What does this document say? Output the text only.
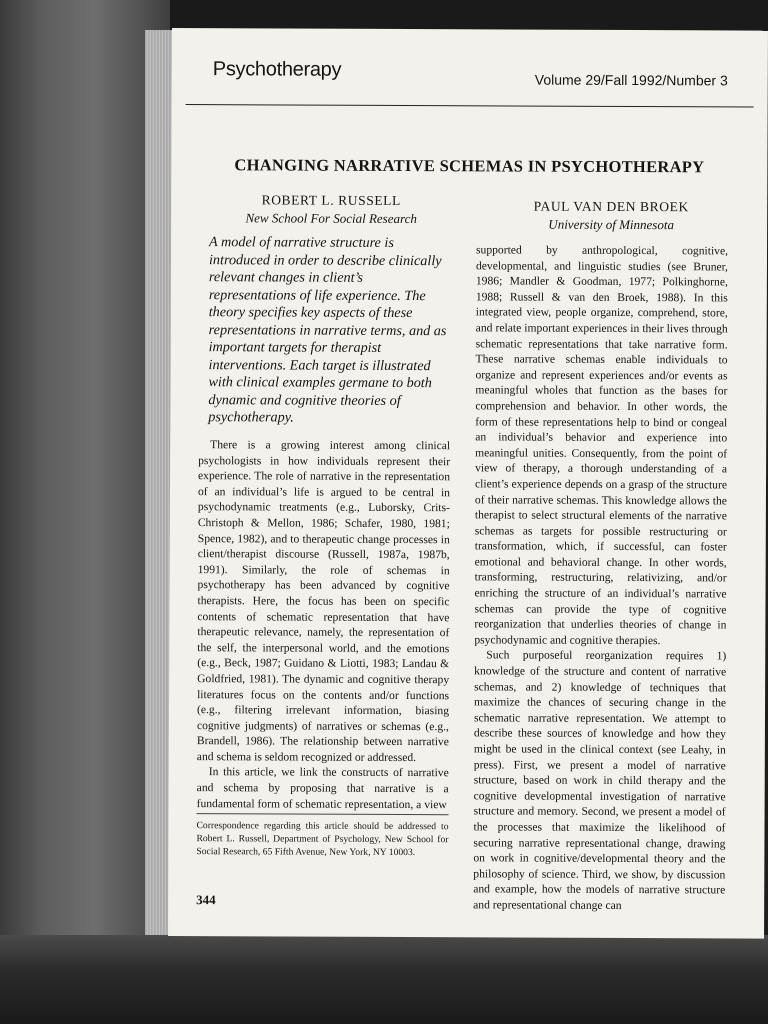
Psychotherapy	Volume 29/Fall 1992/Number 3
CHANGING NARRATIVE SCHEMAS IN PSYCHOTHERAPY
ROBERT L. RUSSELL
New School For Social Research
PAUL VAN DEN BROEK
University of Minnesota
A model of narrative structure is introduced in order to describe clinically relevant changes in client’s representations of life experience. The theory specifies key aspects of these representations in narrative terms, and as important targets for therapist interventions. Each target is illustrated with clinical examples germane to both dynamic and cognitive theories of psychotherapy.

There is a growing interest among clinical psychologists in how individuals represent their experience. The role of narrative in the representation of an individual’s life is argued to be central in psychodynamic treatments (e.g., Luborsky, Crits-Christoph & Mellon, 1986; Schafer, 1980, 1981; Spence, 1982), and to therapeutic change processes in client/therapist discourse (Russell, 1987a, 1987b, 1991). Similarly, the role of schemas in psychotherapy has been advanced by cognitive therapists. Here, the focus has been on specific contents of schematic representation that have therapeutic relevance, namely, the representation of the self, the interpersonal world, and the emotions (e.g., Beck, 1987; Guidano & Liotti, 1983; Landau & Goldfried, 1981). The dynamic and cognitive therapy literatures focus on the contents and/or functions (e.g., filtering irrelevant information, biasing cognitive judgments) of narratives or schemas (e.g., Brandell, 1986). The relationship between narrative and schema is seldom recognized or addressed.

In this article, we link the constructs of narrative and schema by proposing that narrative is a fundamental form of schematic representation, a view

supported by anthropological, cognitive, developmental, and linguistic studies (see Bruner, 1986; Mandler & Goodman, 1977; Polkinghorne, 1988; Russell & van den Broek, 1988). In this integrated view, people organize, comprehend, store, and relate important experiences in their lives through schematic representations that take narrative form. These narrative schemas enable individuals to organize and represent experiences and/or events as meaningful wholes that function as the bases for comprehension and behavior. In other words, the form of these representations help to bind or congeal an individual’s behavior and experience into meaningful unities. Consequently, from the point of view of therapy, a thorough understanding of a client’s experience depends on a grasp of the structure of their narrative schemas. This knowledge allows the therapist to select structural elements of the narrative schemas as targets for possible restructuring or transformation, which, if successful, can foster emotional and behavioral change. In other words, transforming, restructuring, relativizing, and/or enriching the structure of an individual’s narrative schemas can provide the type of cognitive reorganization that underlies theories of change in psychodynamic and cognitive therapies.

Such purposeful reorganization requires 1) knowledge of the structure and content of narrative schemas, and 2) knowledge of techniques that maximize the chances of securing change in the schematic narrative representation. We attempt to describe these sources of knowledge and how they might be used in the clinical context (see Leahy, in press). First, we present a model of narrative structure, based on work in child therapy and the cognitive developmental investigation of narrative structure and memory. Second, we present a model of the processes that maximize the likelihood of securing narrative representational change, drawing on work in cognitive/developmental theory and the philosophy of science. Third, we show, by discussion and example, how the models of narrative structure and representational change can

Correspondence regarding this article should be addressed to Robert L. Russell, Department of Psychology, New School for Social Research, 65 Fifth Avenue, New York, NY 10003.
344
